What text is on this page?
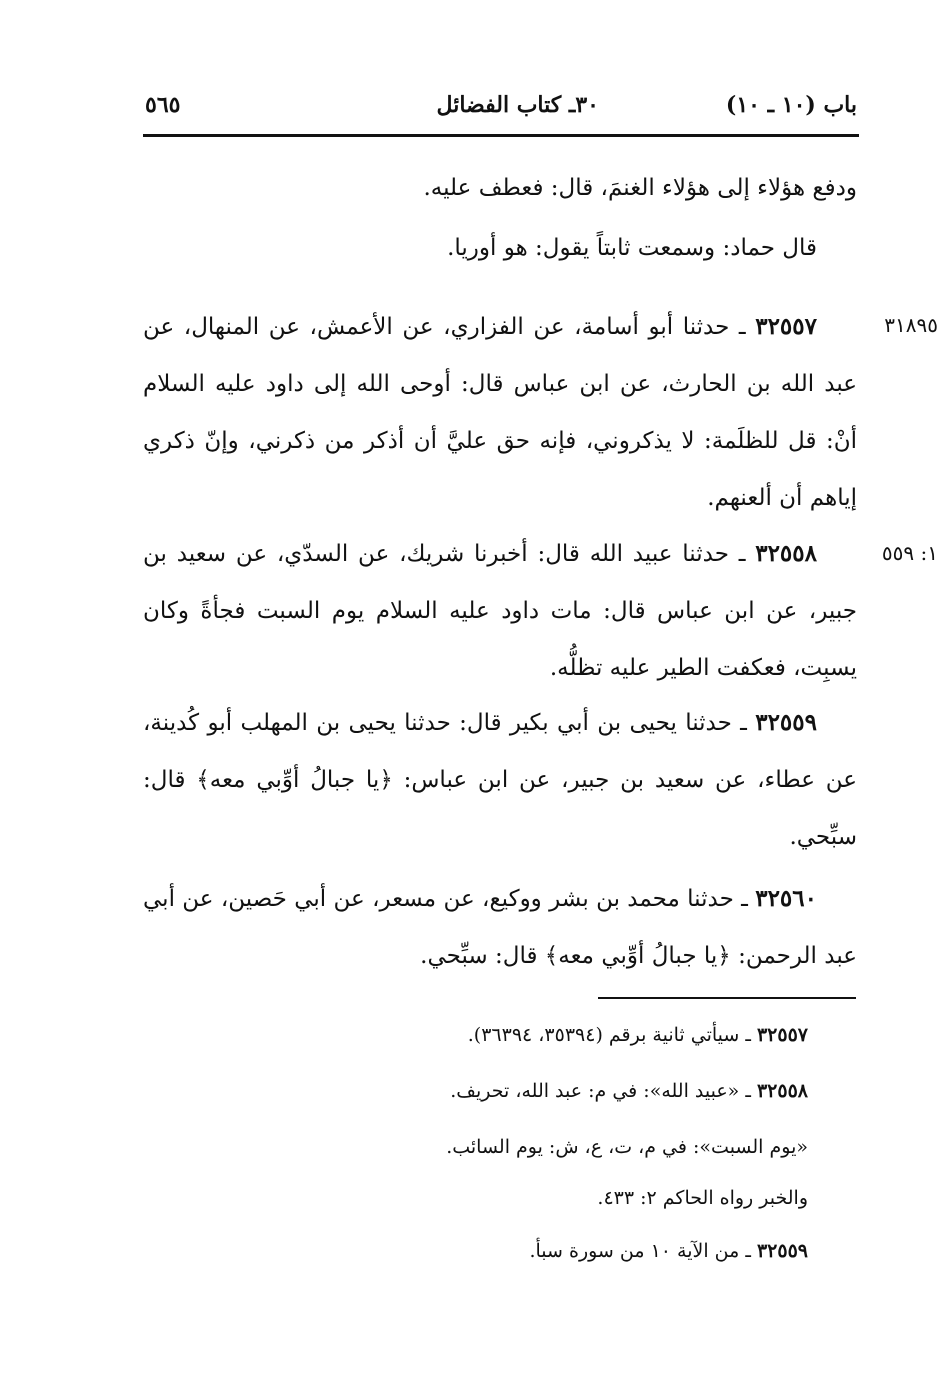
باب (١٠ ـ ١٠)
٣٠ـ كتاب الفضائل
٥٦٥
ودفع هؤلاء إلى هؤلاء الغنمَ، قال: فعطف عليه.
قال حماد: وسمعت ثابتاً يقول: هو أوريا.
٣١٨٩٥
٣٢٥٥٧ ـ حدثنا أبو أسامة، عن الفزاري، عن الأعمش، عن المنهال، عن عبد الله بن الحارث، عن ابن عباس قال: أوحى الله إلى داود عليه السلام أنْ: قل للظلَمة: لا يذكروني، فإنه حق عليَّ أن أذكر من ذكرني، وإنّ ذكري إياهم أن ألعنهم.
١: ٥٥٩
٣٢٥٥٨ ـ حدثنا عبيد الله قال: أخبرنا شريك، عن السدّي، عن سعيد بن جبير، عن ابن عباس قال: مات داود عليه السلام يوم السبت فجأةً وكان يسبِت، فعكفت الطير عليه تظلُّه.
٣٢٥٥٩ ـ حدثنا يحيى بن أبي بكير قال: حدثنا يحيى بن المهلب أبو كُدينة، عن عطاء، عن سعيد بن جبير، عن ابن عباس: ﴿يا جبالُ أوِّبي معه﴾ قال: سبِّحي.
٣٢٥٦٠ ـ حدثنا محمد بن بشر ووكيع، عن مسعر، عن أبي حَصين، عن أبي عبد الرحمن: ﴿يا جبالُ أوِّبي معه﴾ قال: سبِّحي.
٣٢٥٥٧ ـ سيأتي ثانية برقم (٣٥٣٩٤، ٣٦٣٩٤).
٣٢٥٥٨ ـ «عبيد الله»: في م: عبد الله، تحريف.
«يوم السبت»: في م، ت، ع، ش: يوم السائب.
والخبر رواه الحاكم ٢: ٤٣٣.
٣٢٥٥٩ ـ من الآية ١٠ من سورة سبأ.
